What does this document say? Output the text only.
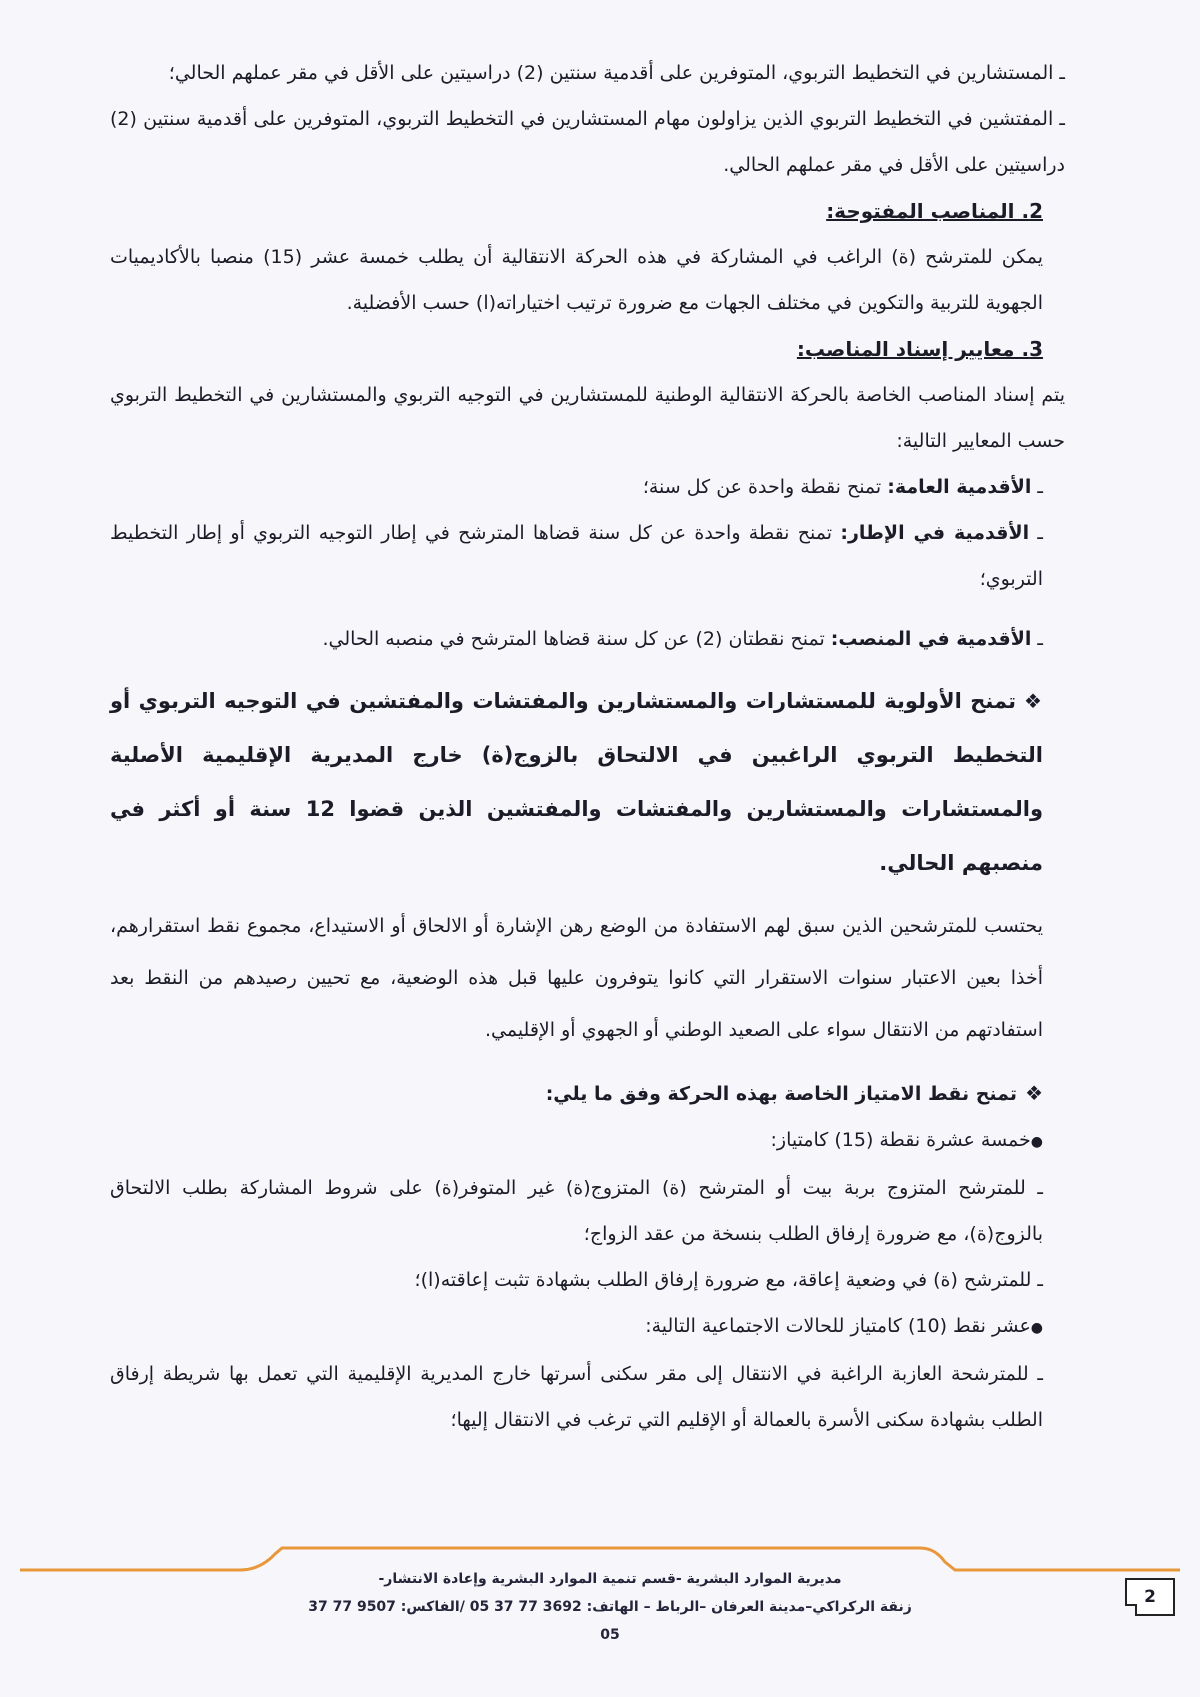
ـ المستشارين في التخطيط التربوي، المتوفرين على أقدمية سنتين (2) دراسيتين على الأقل في مقر عملهم الحالي؛

ـ المفتشين في التخطيط التربوي الذين يزاولون مهام المستشارين في التخطيط التربوي، المتوفرين على أقدمية سنتين (2) دراسيتين على الأقل في مقر عملهم الحالي.

2. المناصب المفتوحة:

يمكن للمترشح (ة) الراغب في المشاركة في هذه الحركة الانتقالية أن يطلب خمسة عشر (15) منصبا بالأكاديميات الجهوية للتربية والتكوين في مختلف الجهات مع ضرورة ترتيب اختياراته(ا) حسب الأفضلية.

3. معايير إسناد المناصب:

يتم إسناد المناصب الخاصة بالحركة الانتقالية الوطنية للمستشارين في التوجيه التربوي والمستشارين في التخطيط التربوي حسب المعايير التالية:

ـ الأقدمية العامة: تمنح نقطة واحدة عن كل سنة؛

ـ الأقدمية في الإطار: تمنح نقطة واحدة عن كل سنة قضاها المترشح في إطار التوجيه التربوي أو إطار التخطيط التربوي؛

ـ الأقدمية في المنصب: تمنح نقطتان (2) عن كل سنة قضاها المترشح في منصبه الحالي.

❖تمنح الأولوية للمستشارات والمستشارين والمفتشات والمفتشين في التوجيه التربوي أو التخطيط التربوي الراغبين في الالتحاق بالزوج(ة) خارج المديرية الإقليمية الأصلية والمستشارات والمستشارين والمفتشات والمفتشين الذين قضوا 12 سنة أو أكثر في منصبهم الحالي.

يحتسب للمترشحين الذين سبق لهم الاستفادة من الوضع رهن الإشارة أو الالحاق أو الاستيداع، مجموع نقط استقرارهم، أخذا بعين الاعتبار سنوات الاستقرار التي كانوا يتوفرون عليها قبل هذه الوضعية، مع تحيين رصيدهم من النقط بعد استفادتهم من الانتقال سواء على الصعيد الوطني أو الجهوي أو الإقليمي.

❖تمنح نقط الامتياز الخاصة بهذه الحركة وفق ما يلي:

●خمسة عشرة نقطة (15) كامتياز:

ـ للمترشح المتزوج بربة بيت أو المترشح (ة) المتزوج(ة) غير المتوفر(ة) على شروط المشاركة بطلب الالتحاق بالزوج(ة)، مع ضرورة إرفاق الطلب بنسخة من عقد الزواج؛

ـ للمترشح (ة) في وضعية إعاقة، مع ضرورة إرفاق الطلب بشهادة تثبت إعاقته(ا)؛

●عشر نقط (10) كامتياز للحالات الاجتماعية التالية:

ـ للمترشحة العازبة الراغبة في الانتقال إلى مقر سكنى أسرتها خارج المديرية الإقليمية التي تعمل بها شريطة إرفاق الطلب بشهادة سكنى الأسرة بالعمالة أو الإقليم التي ترغب في الانتقال إليها؛

مديرية الموارد البشرية -قسم تنمية الموارد البشرية وإعادة الانتشار-
زنقة الركراكي–مدينة العرفان –الرباط – الهاتف: 3692 77 37 05 /الفاكس: 9507 77 37 05
2
